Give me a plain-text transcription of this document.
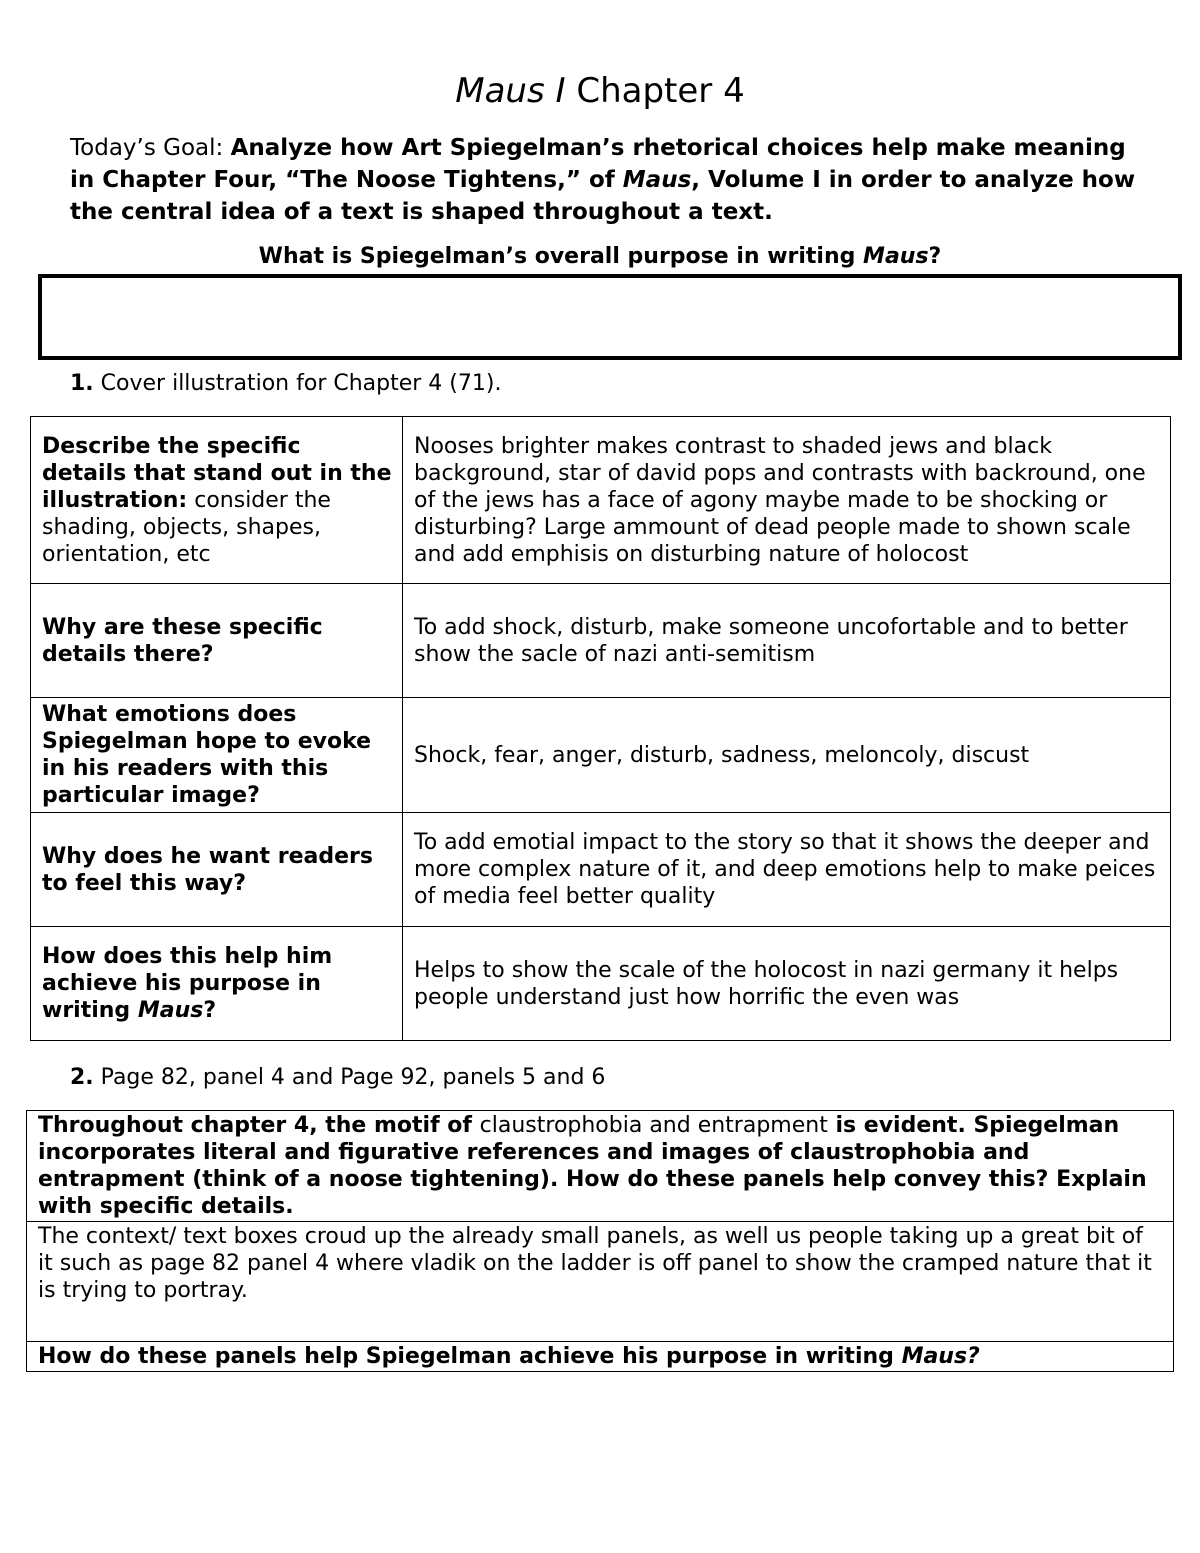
Maus I Chapter 4
Today’s Goal: Analyze how Art Spiegelman’s rhetorical choices help make meaning in Chapter Four, “The Noose Tightens,” of Maus, Volume I in order to analyze how the central idea of a text is shaped throughout a text.
What is Spiegelman’s overall purpose in writing Maus?
1. Cover illustration for Chapter 4 (71).
Describe the specific details that stand out in the illustration: consider the shading, objects, shapes, orientation, etc	Nooses brighter makes contrast to shaded jews and black background, star of david pops and contrasts with backround, one of the jews has a face of agony maybe made to be shocking or disturbing? Large ammount of dead people made to shown scale and add emphisis on disturbing nature of holocost
Why are these specific details there?	To add shock, disturb, make someone uncofortable and to better show the sacle of nazi anti-semitism
What emotions does Spiegelman hope to evoke in his readers with this particular image?	Shock, fear, anger, disturb, sadness, meloncoly, discust
Why does he want readers to feel this way?	To add emotial impact to the story so that it shows the deeper and more complex nature of it, and deep emotions help to make peices of media feel better quality
How does this help him achieve his purpose in writing Maus?	Helps to show the scale of the holocost in nazi germany it helps people understand just how horrific the even was
2. Page 82, panel 4 and Page 92, panels 5 and 6
Throughout chapter 4, the motif of claustrophobia and entrapment is evident. Spiegelman incorporates literal and figurative references and images of claustrophobia and entrapment (think of a noose tightening). How do these panels help convey this? Explain with specific details.
The context/ text boxes croud up the already small panels, as well us people taking up a great bit of it such as page 82 panel 4 where vladik on the ladder is off panel to show the cramped nature that it is trying to portray.
How do these panels help Spiegelman achieve his purpose in writing Maus?
